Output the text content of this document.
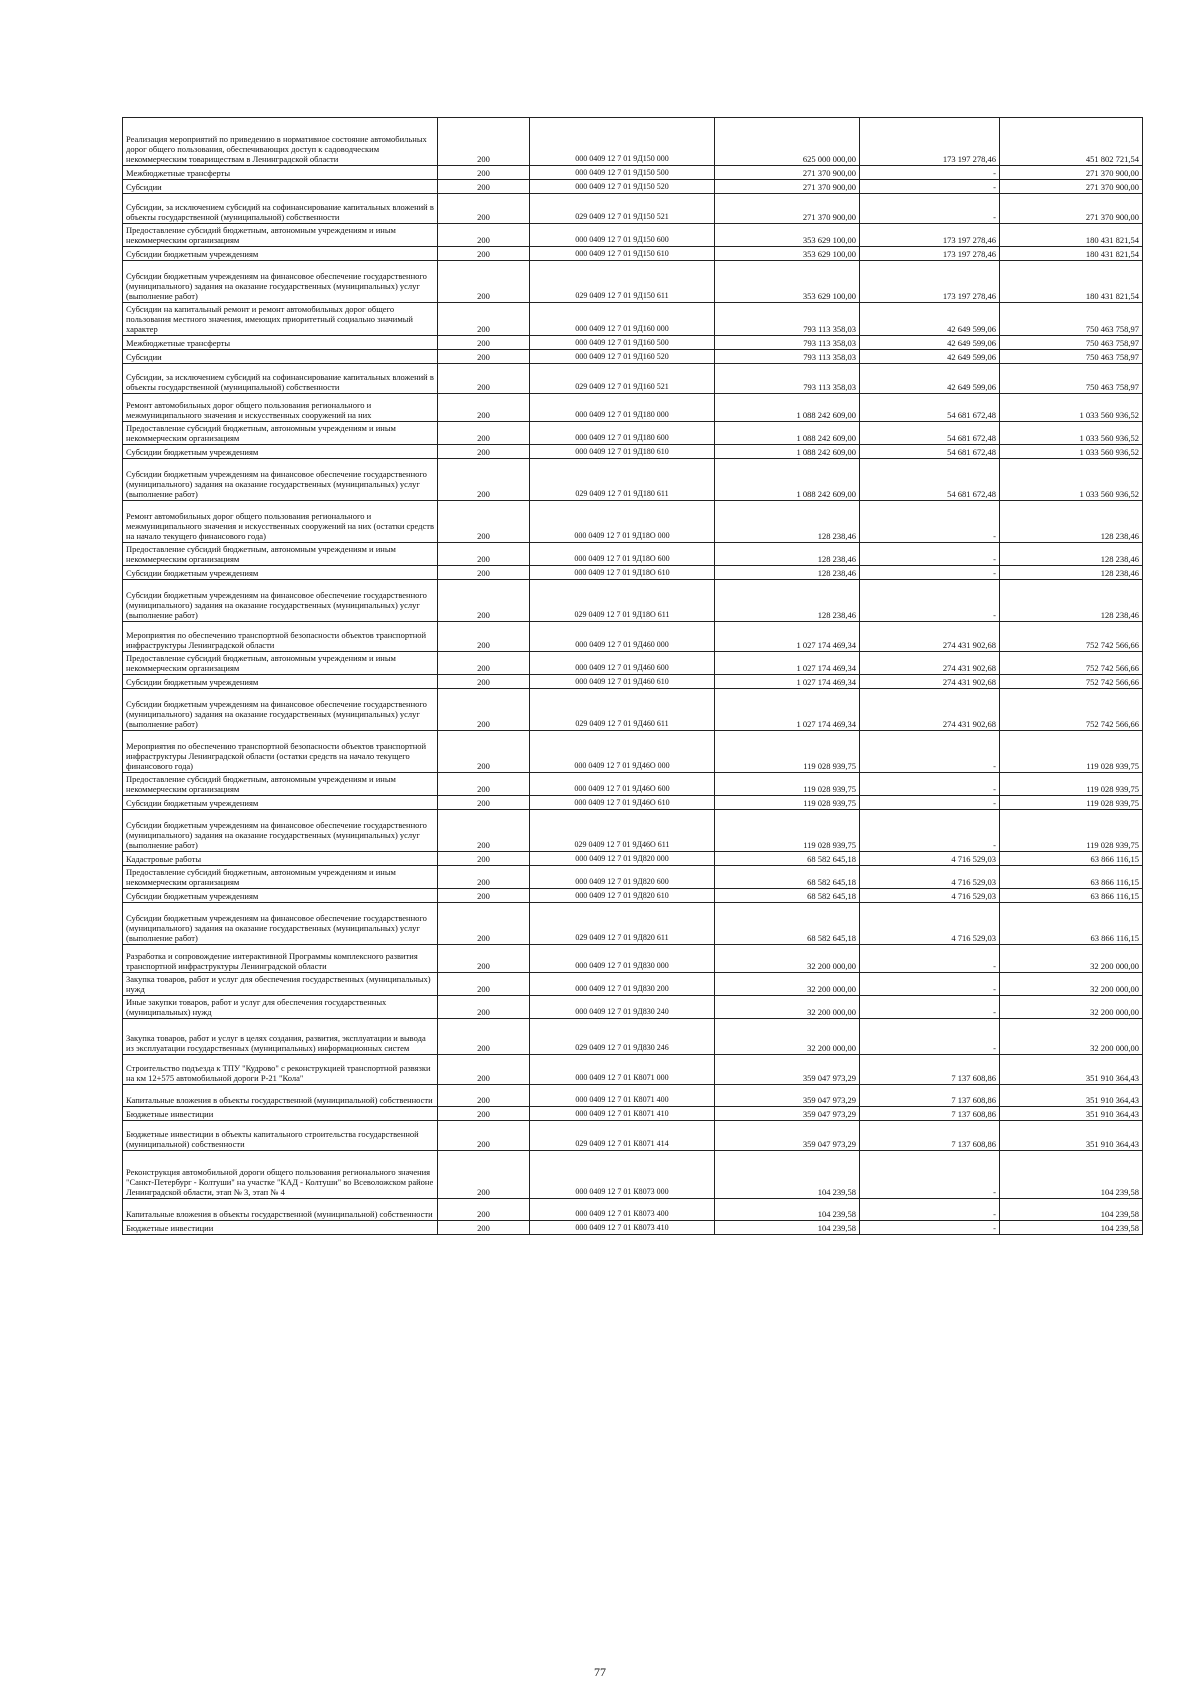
Реализация мероприятий по приведению в нормативное состояние автомобильных дорог общего пользования, обеспечивающих доступ к садоводческим некоммерческим товариществам в Ленинградской области	200	000 0409 12 7 01 9Д150 000	625 000 000,00	173 197 278,46	451 802 721,54
Межбюджетные трансферты	200	000 0409 12 7 01 9Д150 500	271 370 900,00	-	271 370 900,00
Субсидии	200	000 0409 12 7 01 9Д150 520	271 370 900,00	-	271 370 900,00
Субсидии, за исключением субсидий на софинансирование капитальных вложений в объекты государственной (муниципальной) собственности	200	029 0409 12 7 01 9Д150 521	271 370 900,00	-	271 370 900,00
Предоставление субсидий бюджетным, автономным учреждениям и иным некоммерческим организациям	200	000 0409 12 7 01 9Д150 600	353 629 100,00	173 197 278,46	180 431 821,54
Субсидии бюджетным учреждениям	200	000 0409 12 7 01 9Д150 610	353 629 100,00	173 197 278,46	180 431 821,54
Субсидии бюджетным учреждениям на финансовое обеспечение государственного (муниципального) задания на оказание государственных (муниципальных) услуг (выполнение работ)	200	029 0409 12 7 01 9Д150 611	353 629 100,00	173 197 278,46	180 431 821,54
Субсидии на капитальный ремонт и ремонт автомобильных дорог общего пользования местного значения, имеющих приоритетный социально значимый характер	200	000 0409 12 7 01 9Д160 000	793 113 358,03	42 649 599,06	750 463 758,97
Межбюджетные трансферты	200	000 0409 12 7 01 9Д160 500	793 113 358,03	42 649 599,06	750 463 758,97
Субсидии	200	000 0409 12 7 01 9Д160 520	793 113 358,03	42 649 599,06	750 463 758,97
Субсидии, за исключением субсидий на софинансирование капитальных вложений в объекты государственной (муниципальной) собственности	200	029 0409 12 7 01 9Д160 521	793 113 358,03	42 649 599,06	750 463 758,97
Ремонт автомобильных дорог общего пользования регионального и межмуниципального значения и искусственных сооружений на них	200	000 0409 12 7 01 9Д180 000	1 088 242 609,00	54 681 672,48	1 033 560 936,52
Предоставление субсидий бюджетным, автономным учреждениям и иным некоммерческим организациям	200	000 0409 12 7 01 9Д180 600	1 088 242 609,00	54 681 672,48	1 033 560 936,52
Субсидии бюджетным учреждениям	200	000 0409 12 7 01 9Д180 610	1 088 242 609,00	54 681 672,48	1 033 560 936,52
Субсидии бюджетным учреждениям на финансовое обеспечение государственного (муниципального) задания на оказание государственных (муниципальных) услуг (выполнение работ)	200	029 0409 12 7 01 9Д180 611	1 088 242 609,00	54 681 672,48	1 033 560 936,52
Ремонт автомобильных дорог общего пользования регионального и межмуниципального значения и искусственных сооружений на них (остатки средств на начало текущего финансового года)	200	000 0409 12 7 01 9Д18О 000	128 238,46	-	128 238,46
Предоставление субсидий бюджетным, автономным учреждениям и иным некоммерческим организациям	200	000 0409 12 7 01 9Д18О 600	128 238,46	-	128 238,46
Субсидии бюджетным учреждениям	200	000 0409 12 7 01 9Д18О 610	128 238,46	-	128 238,46
Субсидии бюджетным учреждениям на финансовое обеспечение государственного (муниципального) задания на оказание государственных (муниципальных) услуг (выполнение работ)	200	029 0409 12 7 01 9Д18О 611	128 238,46	-	128 238,46
Мероприятия по обеспечению транспортной безопасности объектов транспортной инфраструктуры Ленинградской области	200	000 0409 12 7 01 9Д460 000	1 027 174 469,34	274 431 902,68	752 742 566,66
Предоставление субсидий бюджетным, автономным учреждениям и иным некоммерческим организациям	200	000 0409 12 7 01 9Д460 600	1 027 174 469,34	274 431 902,68	752 742 566,66
Субсидии бюджетным учреждениям	200	000 0409 12 7 01 9Д460 610	1 027 174 469,34	274 431 902,68	752 742 566,66
Субсидии бюджетным учреждениям на финансовое обеспечение государственного (муниципального) задания на оказание государственных (муниципальных) услуг (выполнение работ)	200	029 0409 12 7 01 9Д460 611	1 027 174 469,34	274 431 902,68	752 742 566,66
Мероприятия по обеспечению транспортной безопасности объектов транспортной инфраструктуры Ленинградской области (остатки средств на начало текущего финансового года)	200	000 0409 12 7 01 9Д46О 000	119 028 939,75	-	119 028 939,75
Предоставление субсидий бюджетным, автономным учреждениям и иным некоммерческим организациям	200	000 0409 12 7 01 9Д46О 600	119 028 939,75	-	119 028 939,75
Субсидии бюджетным учреждениям	200	000 0409 12 7 01 9Д46О 610	119 028 939,75	-	119 028 939,75
Субсидии бюджетным учреждениям на финансовое обеспечение государственного (муниципального) задания на оказание государственных (муниципальных) услуг (выполнение работ)	200	029 0409 12 7 01 9Д46О 611	119 028 939,75	-	119 028 939,75
Кадастровые работы	200	000 0409 12 7 01 9Д820 000	68 582 645,18	4 716 529,03	63 866 116,15
Предоставление субсидий бюджетным, автономным учреждениям и иным некоммерческим организациям	200	000 0409 12 7 01 9Д820 600	68 582 645,18	4 716 529,03	63 866 116,15
Субсидии бюджетным учреждениям	200	000 0409 12 7 01 9Д820 610	68 582 645,18	4 716 529,03	63 866 116,15
Субсидии бюджетным учреждениям на финансовое обеспечение государственного (муниципального) задания на оказание государственных (муниципальных) услуг (выполнение работ)	200	029 0409 12 7 01 9Д820 611	68 582 645,18	4 716 529,03	63 866 116,15
Разработка и сопровождение интерактивной Программы комплексного развития транспортной инфраструктуры Ленинградской области	200	000 0409 12 7 01 9Д830 000	32 200 000,00	-	32 200 000,00
Закупка товаров, работ и услуг для обеспечения государственных (муниципальных) нужд	200	000 0409 12 7 01 9Д830 200	32 200 000,00	-	32 200 000,00
Иные закупки товаров, работ и услуг для обеспечения государственных (муниципальных) нужд	200	000 0409 12 7 01 9Д830 240	32 200 000,00	-	32 200 000,00
Закупка товаров, работ и услуг в целях создания, развития, эксплуатации и вывода из эксплуатации государственных (муниципальных) информационных систем	200	029 0409 12 7 01 9Д830 246	32 200 000,00	-	32 200 000,00
Строительство подъезда к ТПУ "Кудрово" с реконструкцией транспортной развязки на км 12+575 автомобильной дороги Р-21 "Кола"	200	000 0409 12 7 01 К8071 000	359 047 973,29	7 137 608,86	351 910 364,43
Капитальные вложения в объекты государственной (муниципальной) собственности	200	000 0409 12 7 01 К8071 400	359 047 973,29	7 137 608,86	351 910 364,43
Бюджетные инвестиции	200	000 0409 12 7 01 К8071 410	359 047 973,29	7 137 608,86	351 910 364,43
Бюджетные инвестиции в объекты капитального строительства государственной (муниципальной) собственности	200	029 0409 12 7 01 К8071 414	359 047 973,29	7 137 608,86	351 910 364,43
Реконструкция автомобильной дороги общего пользования регионального значения "Санкт-Петербург - Колтуши" на участке "КАД - Колтуши" во Всеволожском районе Ленинградской области, этап № 3, этап № 4	200	000 0409 12 7 01 К8073 000	104 239,58	-	104 239,58
Капитальные вложения в объекты государственной (муниципальной) собственности	200	000 0409 12 7 01 К8073 400	104 239,58	-	104 239,58
Бюджетные инвестиции	200	000 0409 12 7 01 К8073 410	104 239,58	-	104 239,58
77
